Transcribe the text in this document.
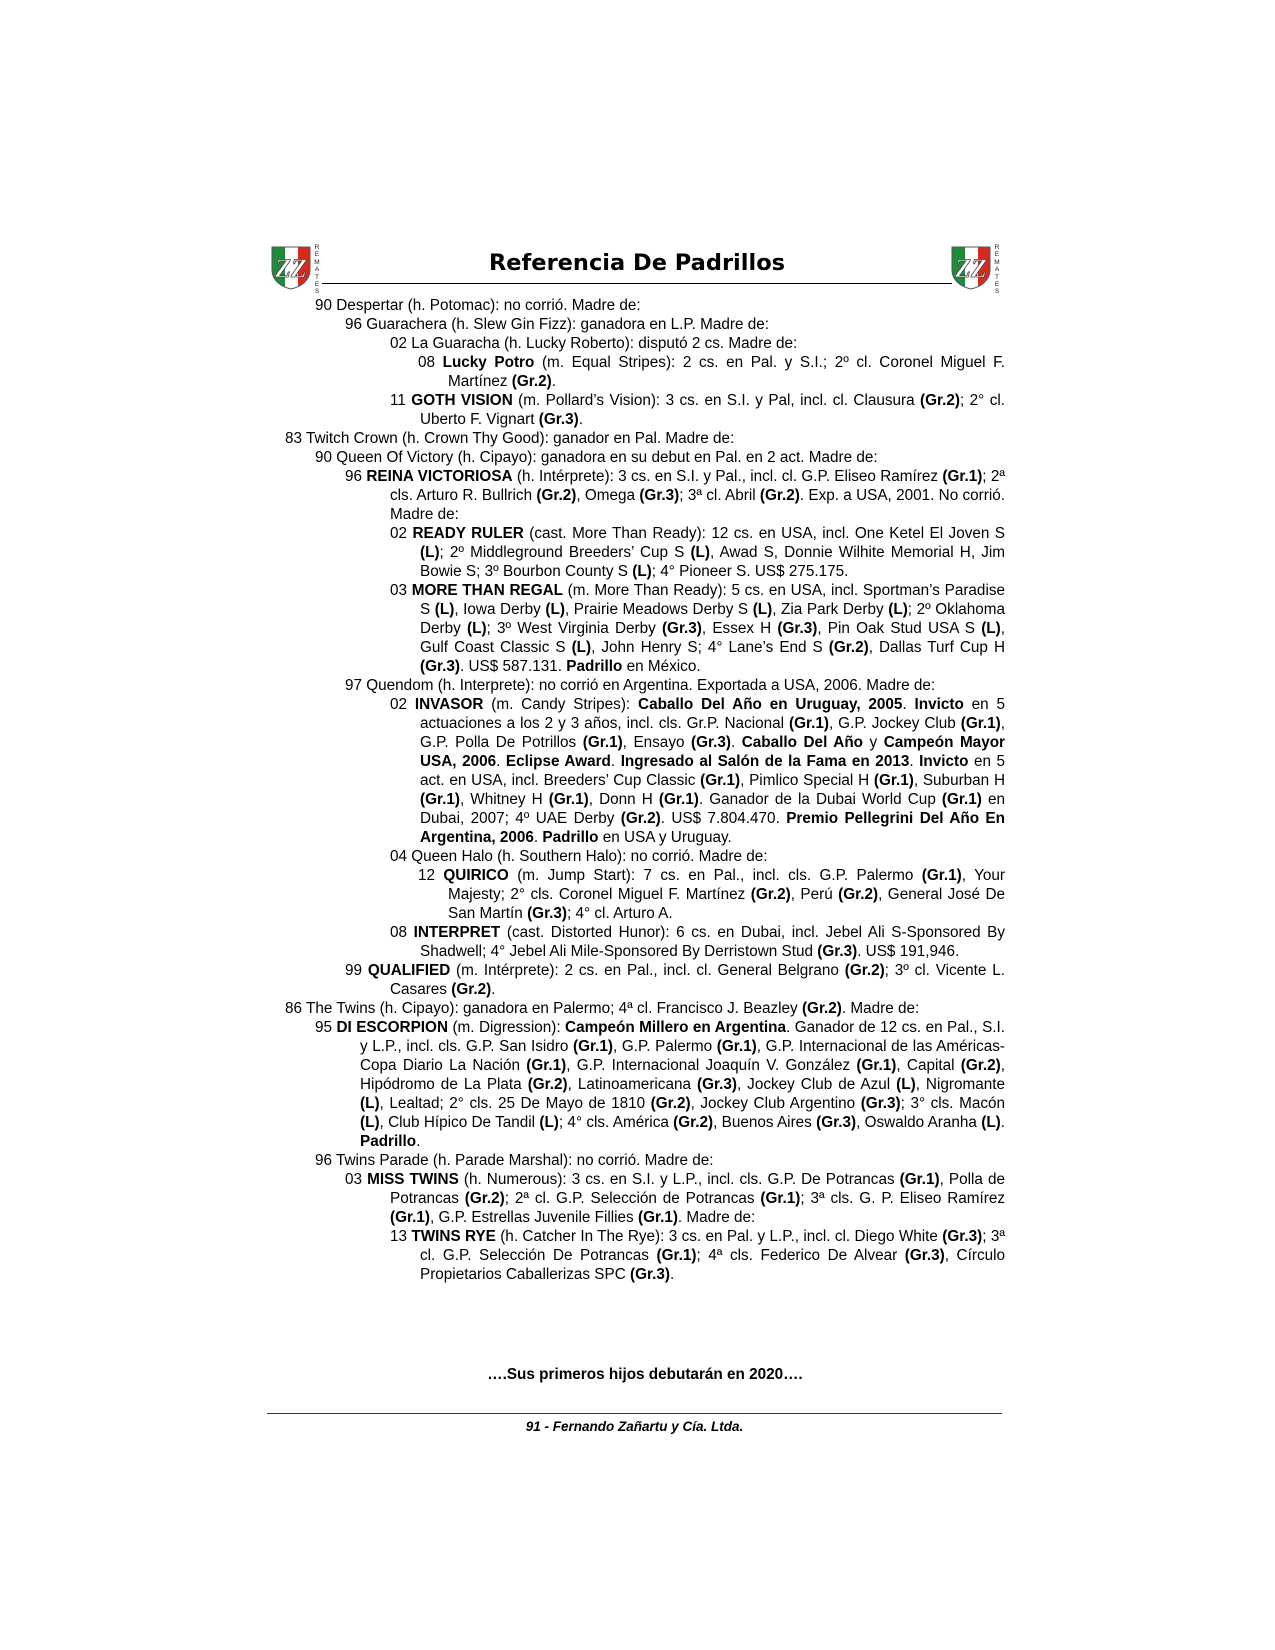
ZZ
R
E
M
A
T
E
S
Referencia De Padrillos	ZZ
R
E
M
A
T
E
S

90 Despertar (h. Potomac): no corrió. Madre de:

96 Guarachera (h. Slew Gin Fizz): ganadora en L.P. Madre de:

02 La Guaracha (h. Lucky Roberto): disputó 2 cs. Madre de:

08 Lucky Potro (m. Equal Stripes): 2 cs. en Pal. y S.I.; 2º cl. Coronel Miguel F. Martínez (Gr.2).

11 GOTH VISION (m. Pollard’s Vision): 3 cs. en S.I. y Pal, incl. cl. Clausura (Gr.2); 2° cl. Uberto F. Vignart (Gr.3).

83 Twitch Crown (h. Crown Thy Good): ganador en Pal. Madre de:

90 Queen Of Victory (h. Cipayo): ganadora en su debut en Pal. en 2 act. Madre de:

96 REINA VICTORIOSA (h. Intérprete): 3 cs. en S.I. y Pal., incl. cl. G.P. Eliseo Ramírez (Gr.1); 2ª cls. Arturo R. Bullrich (Gr.2), Omega (Gr.3); 3ª cl. Abril (Gr.2). Exp. a USA, 2001. No corrió. Madre de:

02 READY RULER (cast. More Than Ready): 12 cs. en USA, incl. One Ketel El Joven S (L); 2º Middleground Breeders’ Cup S (L), Awad S, Donnie Wilhite Memorial H, Jim Bowie S; 3º Bourbon County S (L); 4° Pioneer S. US$ 275.175.

03 MORE THAN REGAL (m. More Than Ready): 5 cs. en USA, incl. Sportman’s Paradise S (L), Iowa Derby (L), Prairie Meadows Derby S (L), Zia Park Derby (L); 2º Oklahoma Derby (L); 3º West Virginia Derby (Gr.3), Essex H (Gr.3), Pin Oak Stud USA S (L), Gulf Coast Classic S (L), John Henry S; 4° Lane’s End S (Gr.2), Dallas Turf Cup H (Gr.3). US$ 587.131. Padrillo en México.

97 Quendom (h. Interprete): no corrió en Argentina. Exportada a USA, 2006. Madre de:

02 INVASOR (m. Candy Stripes): Caballo Del Año en Uruguay, 2005. Invicto en 5 actuaciones a los 2 y 3 años, incl. cls. Gr.P. Nacional (Gr.1), G.P. Jockey Club (Gr.1), G.P. Polla De Potrillos (Gr.1), Ensayo (Gr.3). Caballo Del Año y Campeón Mayor USA, 2006. Eclipse Award. Ingresado al Salón de la Fama en 2013. Invicto en 5 act. en USA, incl. Breeders’ Cup Classic (Gr.1), Pimlico Special H (Gr.1), Suburban H (Gr.1), Whitney H (Gr.1), Donn H (Gr.1). Ganador de la Dubai World Cup (Gr.1) en Dubai, 2007; 4º UAE Derby (Gr.2). US$ 7.804.470. Premio Pellegrini Del Año En Argentina, 2006. Padrillo en USA y Uruguay.

04 Queen Halo (h. Southern Halo): no corrió. Madre de:

12 QUIRICO (m. Jump Start): 7 cs. en Pal., incl. cls. G.P. Palermo (Gr.1), Your Majesty; 2° cls. Coronel Miguel F. Martínez (Gr.2), Perú (Gr.2), General José De San Martín (Gr.3); 4° cl. Arturo A.

08 INTERPRET (cast. Distorted Hunor): 6 cs. en Dubai, incl. Jebel Ali S-Sponsored By Shadwell; 4° Jebel Ali Mile-Sponsored By Derristown Stud (Gr.3). US$ 191,946.

99 QUALIFIED (m. Intérprete): 2 cs. en Pal., incl. cl. General Belgrano (Gr.2); 3º cl. Vicente L. Casares (Gr.2).

86 The Twins (h. Cipayo): ganadora en Palermo; 4ª cl. Francisco J. Beazley (Gr.2). Madre de:

95 DI ESCORPION (m. Digression): Campeón Millero en Argentina. Ganador de 12 cs. en Pal., S.I. y L.P., incl. cls. G.P. San Isidro (Gr.1), G.P. Palermo (Gr.1), G.P. Internacional de las Américas-Copa Diario La Nación (Gr.1), G.P. Internacional Joaquín V. González (Gr.1), Capital (Gr.2), Hipódromo de La Plata (Gr.2), Latinoamericana (Gr.3), Jockey Club de Azul (L), Nigromante (L), Lealtad; 2° cls. 25 De Mayo de 1810 (Gr.2), Jockey Club Argentino (Gr.3); 3° cls. Macón (L), Club Hípico De Tandil (L); 4° cls. América (Gr.2), Buenos Aires (Gr.3), Oswaldo Aranha (L). Padrillo.

96 Twins Parade (h. Parade Marshal): no corrió. Madre de:

03 MISS TWINS (h. Numerous): 3 cs. en S.I. y L.P., incl. cls. G.P. De Potrancas (Gr.1), Polla de Potrancas (Gr.2); 2ª cl. G.P. Selección de Potrancas (Gr.1); 3ª cls. G. P. Eliseo Ramírez (Gr.1), G.P. Estrellas Juvenile Fillies (Gr.1). Madre de:

13 TWINS RYE (h. Catcher In The Rye): 3 cs. en Pal. y L.P., incl. cl. Diego White (Gr.3); 3ª cl. G.P. Selección De Potrancas (Gr.1); 4ª cls. Federico De Alvear (Gr.3), Círculo Propietarios Caballerizas SPC (Gr.3).

….Sus primeros hijos debutarán en 2020….
91 - Fernando Zañartu y Cía. Ltda.
